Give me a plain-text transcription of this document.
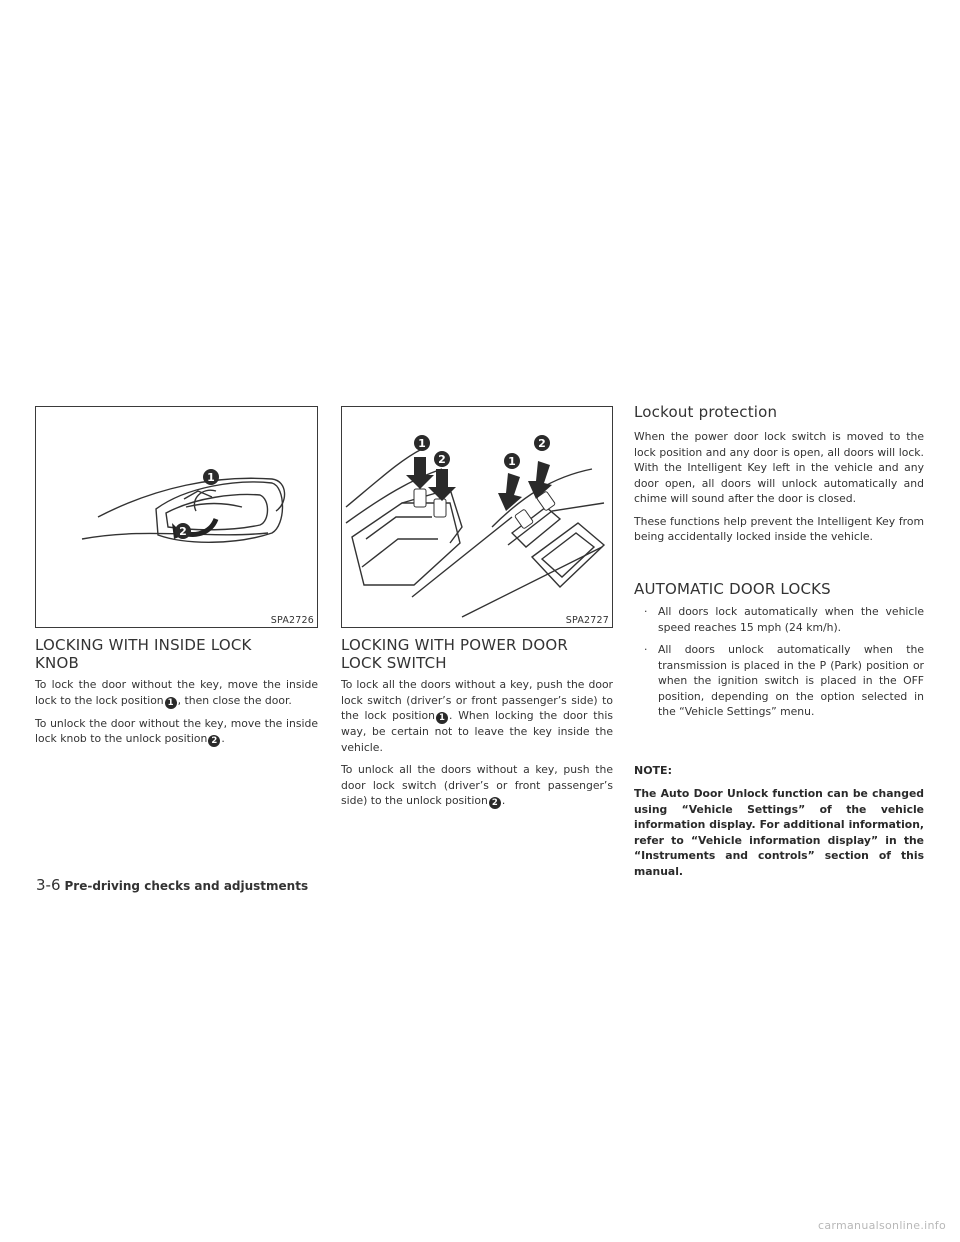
1
2
SPA2726
1
2	1
2
SPA2727
LOCKING WITH INSIDE LOCK
KNOB

To lock the door without the key, move the inside lock to the lock position 1 , then close the door.

To unlock the door without the key, move the inside lock knob to the unlock position 2 .

LOCKING WITH POWER DOOR
LOCK SWITCH

To lock all the doors without a key, push the door lock switch (driver’s or front passenger’s side) to the lock position 1 . When locking the door this way, be certain not to leave the key inside the vehicle.

To unlock all the doors without a key, push the door lock switch (driver’s or front passenger’s side) to the unlock position 2 .

Lockout protection

When the power door lock switch is moved to the lock position and any door is open, all doors will lock. With the Intelligent Key left in the vehicle and any door open, all doors will unlock automatically and chime will sound after the door is closed.

These functions help prevent the Intelligent Key from being accidentally locked inside the vehicle.

AUTOMATIC DOOR LOCKS
· All doors lock automatically when the vehicle speed reaches 15 mph (24 km/h).
· All doors unlock automatically when the transmission is placed in the P (Park) position or when the ignition switch is placed in the OFF position, depending on the option selected in the “Vehicle Settings” menu.

NOTE:

The Auto Door Unlock function can be changed using “Vehicle Settings” of the vehicle information display. For additional information, refer to “Vehicle information display” in the “Instruments and controls” section of this manual.

3-6 Pre-driving checks and adjustments
carmanualsonline.info
